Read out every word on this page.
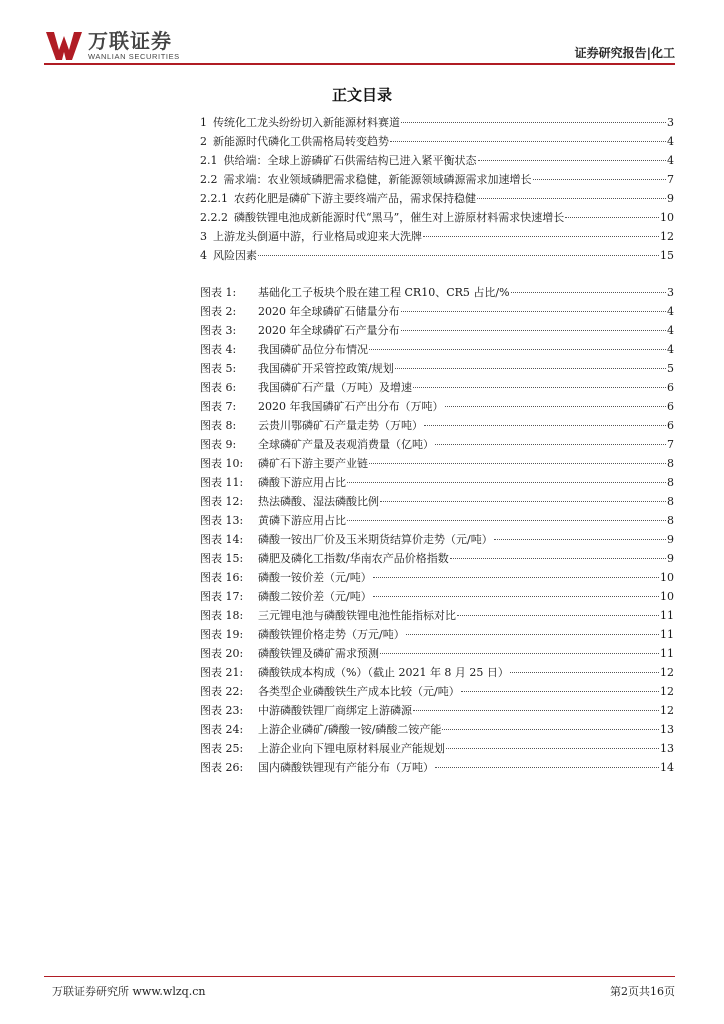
万联证券
WANLIAN SECURITIES	证券研究报告|化工
正文目录
1 传统化工龙头纷纷切入新能源材料赛道	3
2 新能源时代磷化工供需格局转变趋势	4
2.1 供给端：全球上游磷矿石供需结构已进入紧平衡状态	4
2.2 需求端：农业领域磷肥需求稳健，新能源领域磷源需求加速增长	7
2.2.1 农药化肥是磷矿下游主要终端产品，需求保持稳健	9
2.2.2 磷酸铁锂电池成新能源时代“黑马”，催生对上游原材料需求快速增长	10
3 上游龙头倒逼中游，行业格局或迎来大洗牌	12
4 风险因素	15
图表 1: 基础化工子板块个股在建工程 CR10、CR5 占比/%	3
图表 2: 2020 年全球磷矿石储量分布	4
图表 3: 2020 年全球磷矿石产量分布	4
图表 4: 我国磷矿品位分布情况	4
图表 5: 我国磷矿开采管控政策/规划	5
图表 6: 我国磷矿石产量（万吨）及增速	6
图表 7: 2020 年我国磷矿石产出分布（万吨）	6
图表 8: 云贵川鄂磷矿石产量走势（万吨）	6
图表 9: 全球磷矿产量及表观消费量（亿吨）	7
图表 10: 磷矿石下游主要产业链	8
图表 11: 磷酸下游应用占比	8
图表 12: 热法磷酸、湿法磷酸比例	8
图表 13: 黄磷下游应用占比	8
图表 14: 磷酸一铵出厂价及玉米期货结算价走势（元/吨）	9
图表 15: 磷肥及磷化工指数/华南农产品价格指数	9
图表 16: 磷酸一铵价差（元/吨）	10
图表 17: 磷酸二铵价差（元/吨）	10
图表 18: 三元锂电池与磷酸铁锂电池性能指标对比	11
图表 19: 磷酸铁锂价格走势（万元/吨）	11
图表 20: 磷酸铁锂及磷矿需求预测	11
图表 21: 磷酸铁成本构成（%）（截止 2021 年 8 月 25 日）	12
图表 22: 各类型企业磷酸铁生产成本比较（元/吨）	12
图表 23: 中游磷酸铁锂厂商绑定上游磷源	12
图表 24: 上游企业磷矿/磷酸一铵/磷酸二铵产能	13
图表 25: 上游企业向下锂电原材料展业产能规划	13
图表 26: 国内磷酸铁锂现有产能分布（万吨）	14
万联证券研究所 www.wlzq.cn	第2页共16页
